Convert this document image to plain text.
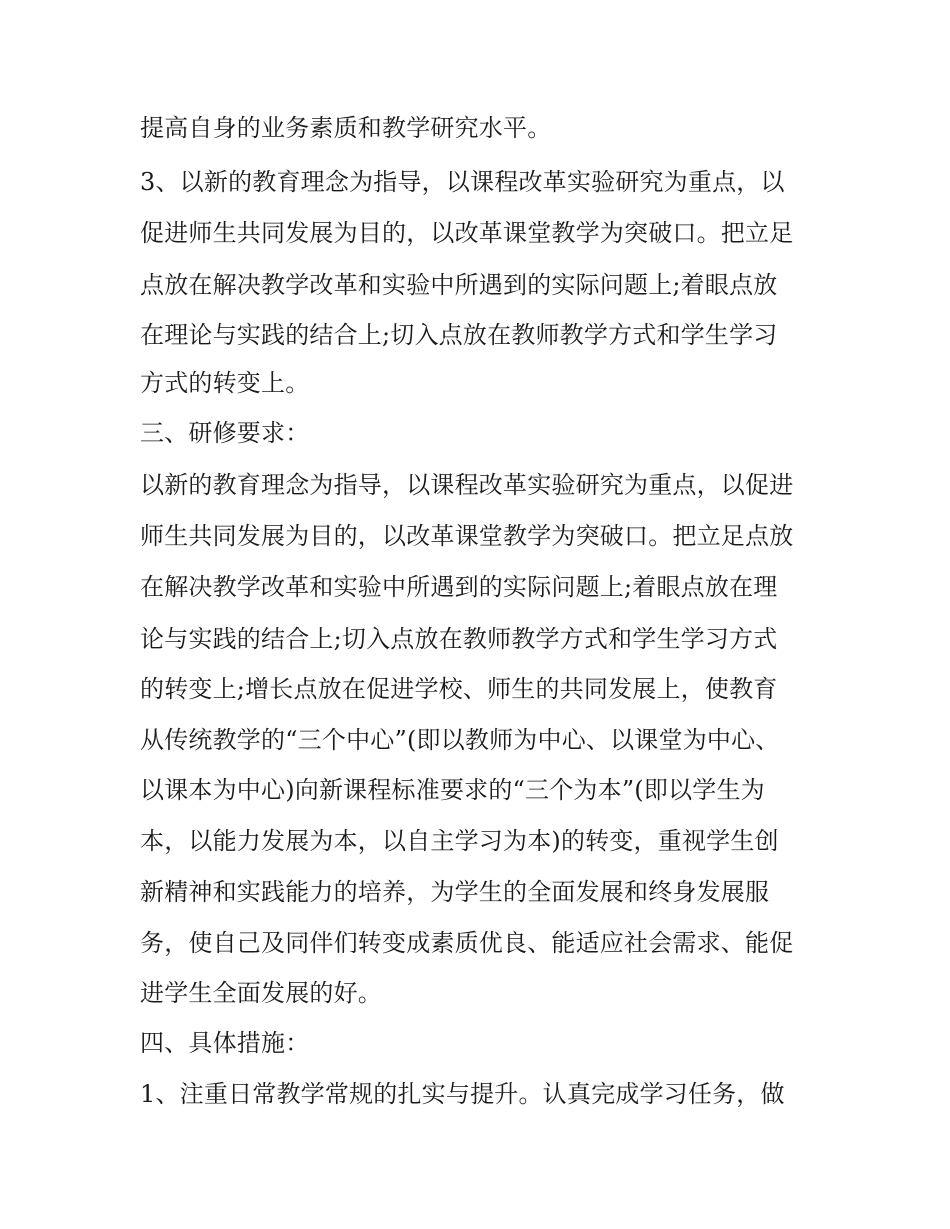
提高自身的业务素质和教学研究水平。
3、以新的教育理念为指导，以课程改革实验研究为重点，以
促进师生共同发展为目的，以改革课堂教学为突破口。把立足
点放在解决教学改革和实验中所遇到的实际问题上;着眼点放
在理论与实践的结合上;切入点放在教师教学方式和学生学习
方式的转变上。
三、研修要求：
以新的教育理念为指导，以课程改革实验研究为重点，以促进
师生共同发展为目的，以改革课堂教学为突破口。把立足点放
在解决教学改革和实验中所遇到的实际问题上;着眼点放在理
论与实践的结合上;切入点放在教师教学方式和学生学习方式
的转变上;增长点放在促进学校、师生的共同发展上，使教育
从传统教学的“三个中心”(即以教师为中心、以课堂为中心、
以课本为中心)向新课程标准要求的“三个为本”(即以学生为
本，以能力发展为本，以自主学习为本)的转变，重视学生创
新精神和实践能力的培养，为学生的全面发展和终身发展服
务，使自己及同伴们转变成素质优良、能适应社会需求、能促
进学生全面发展的好。
四、具体措施：
1、注重日常教学常规的扎实与提升。认真完成学习任务，做
